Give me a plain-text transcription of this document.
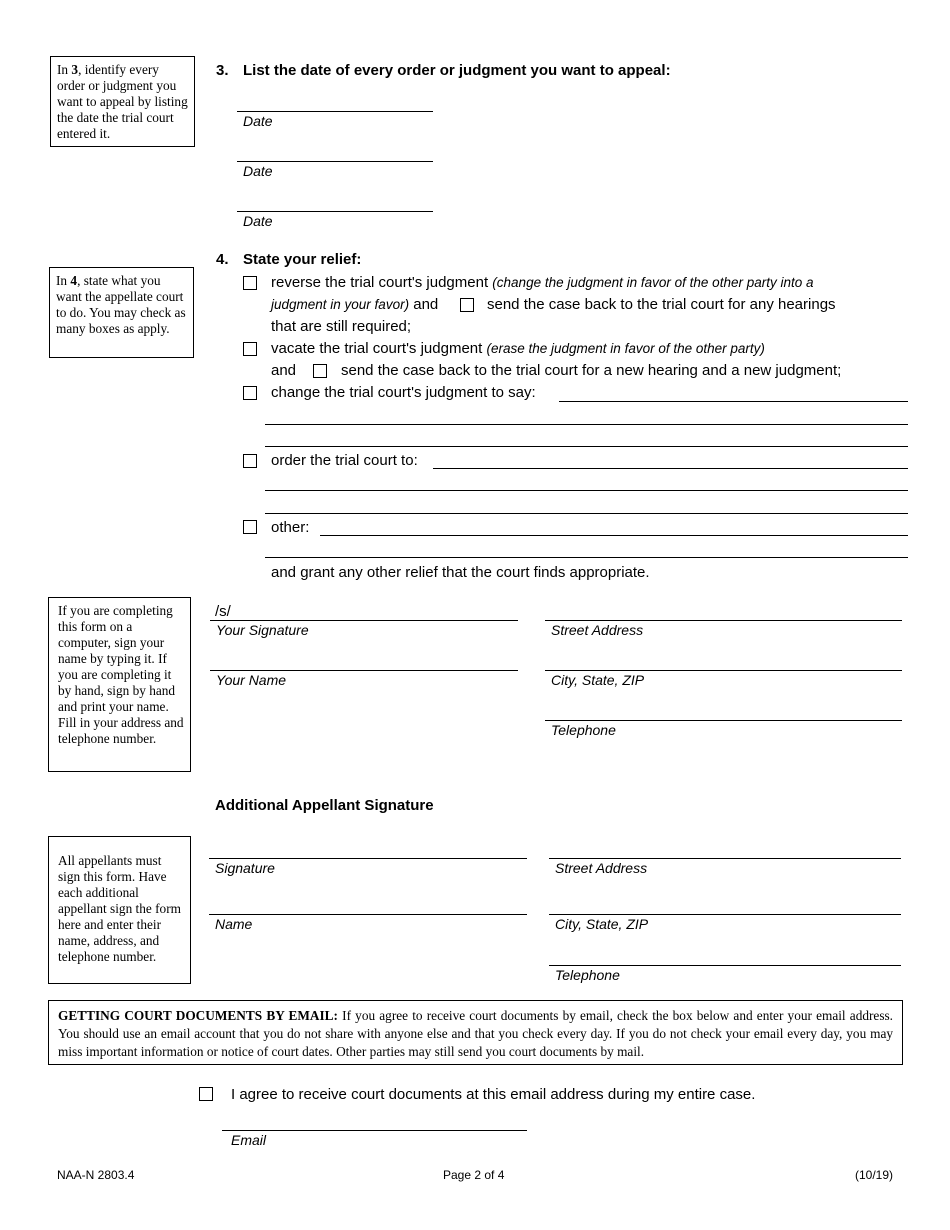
In 3, identify every order or judgment you want to appeal by listing the date the trial court entered it.
In 4, state what you want the appellate court to do. You may check as many boxes as apply.
If you are completing this form on a computer, sign your name by typing it. If you are completing it by hand, sign by hand and print your name. Fill in your address and telephone number.
All appellants must sign this form. Have each additional appellant sign the form here and enter their name, address, and telephone number.
3. List the date of every order or judgment you want to appeal:
Date
Date
Date
4. State your relief:
reverse the trial court's judgment (change the judgment in favor of the other party into a
judgment in your favor) and	send the case back to the trial court for any hearings
that are still required;
vacate the trial court's judgment (erase the judgment in favor of the other party)
and	send the case back to the trial court for a new hearing and a new judgment;
change the trial court's judgment to say:
order the trial court to:
other:
and grant any other relief that the court finds appropriate.
/s/
Your Signature
Your Name
Street Address
City, State, ZIP
Telephone
Additional Appellant Signature
Signature
Name
Street Address
City, State, ZIP
Telephone
GETTING COURT DOCUMENTS BY EMAIL: If you agree to receive court documents by email, check the box below and enter your email address. You should use an email account that you do not share with anyone else and that you check every day. If you do not check your email every day, you may miss important information or notice of court dates. Other parties may still send you court documents by mail.
I agree to receive court documents at this email address during my entire case.
Email
NAA-N 2803.4	Page 2 of 4	(10/19)
